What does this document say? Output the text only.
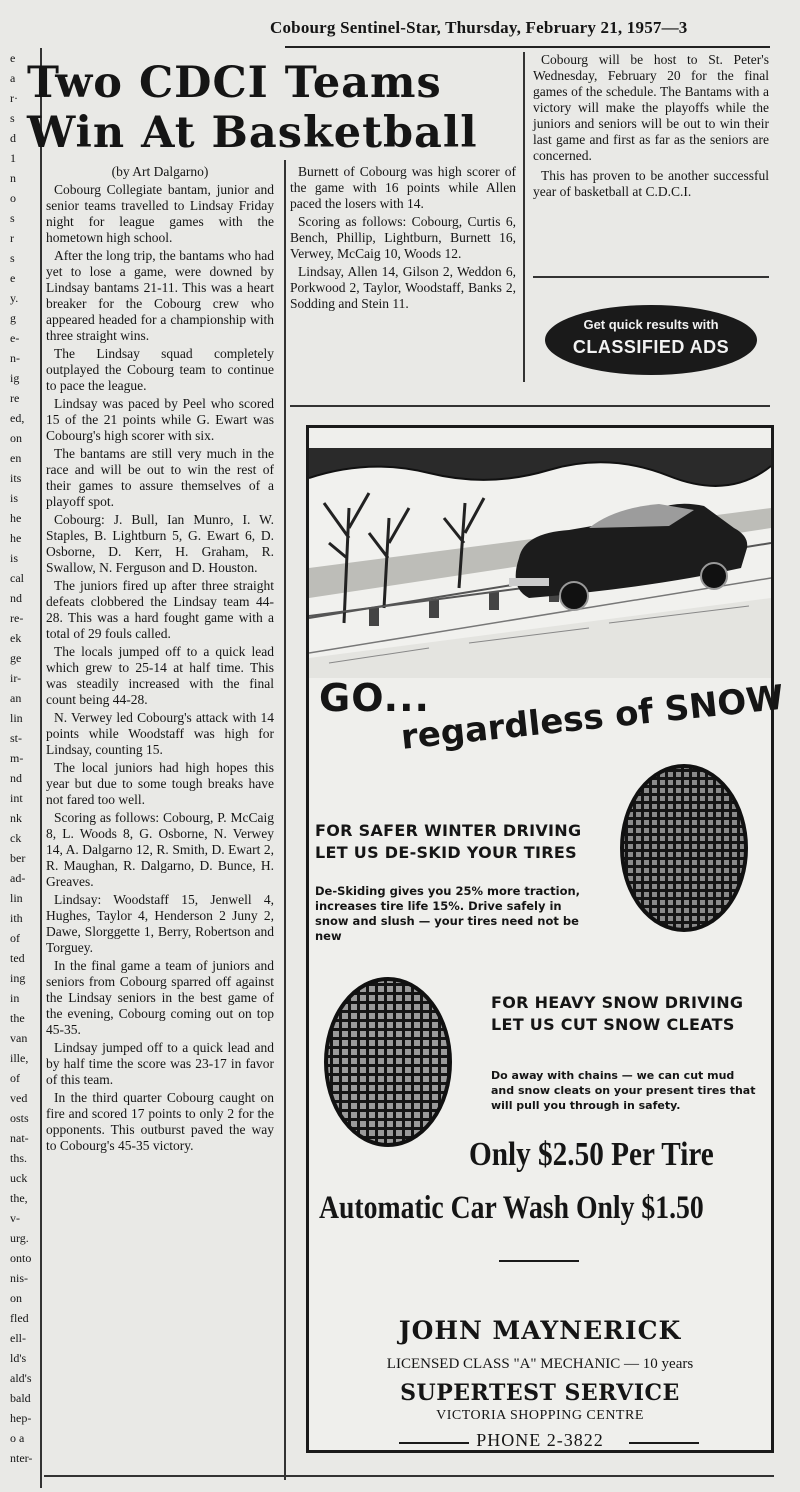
Cobourg Sentinel-Star, Thursday, February 21, 1957—3
e
a
r·
s
d
1
n
o
s
r
s
e
y.
g
e-
n-
ig
re
ed,
on
en
its
is
he
he
is
cal
nd
re-
ek
ge
ir-
an
lin
st-
m-
nd
int
nk
ck
ber
ad-
lin
ith
of
ted
ing
in
the
van
ille,
of
ved
osts
nat-
ths.
uck
the,
v-
urg.
onto
nis-
on
fled
ell-
ld's
ald's
bald
hep-
o a
nter-
Two CDCI Teams
Win At Basketball

(by Art Dalgarno)

Cobourg Collegiate bantam, junior and senior teams travelled to Lindsay Friday night for league games with the hometown high school.

After the long trip, the bantams who had yet to lose a game, were downed by Lindsay bantams 21-11. This was a heart breaker for the Cobourg crew who appeared headed for a championship with three straight wins.

The Lindsay squad completely outplayed the Cobourg team to continue to pace the league.

Lindsay was paced by Peel who scored 15 of the 21 points while G. Ewart was Cobourg's high scorer with six.

The bantams are still very much in the race and will be out to win the rest of their games to assure themselves of a playoff spot.

Cobourg: J. Bull, Ian Munro, I. W. Staples, B. Lightburn 5, G. Ewart 6, D. Osborne, D. Kerr, H. Graham, R. Swallow, N. Ferguson and D. Houston.

The juniors fired up after three straight defeats clobbered the Lindsay team 44-28. This was a hard fought game with a total of 29 fouls called.

The locals jumped off to a quick lead which grew to 25-14 at half time. This was steadily increased with the final count being 44-28.

N. Verwey led Cobourg's attack with 14 points while Woodstaff was high for Lindsay, counting 15.

The local juniors had high hopes this year but due to some tough breaks have not fared too well.

Scoring as follows: Cobourg, P. McCaig 8, L. Woods 8, G. Osborne, N. Verwey 14, A. Dalgarno 12, R. Smith, D. Ewart 2, R. Maughan, R. Dalgarno, D. Bunce, H. Greaves.

Lindsay: Woodstaff 15, Jenwell 4, Hughes, Taylor 4, Henderson 2 Juny 2, Dawe, Slorggette 1, Berry, Robertson and Torguey.

In the final game a team of juniors and seniors from Cobourg sparred off against the Lindsay seniors in the best game of the evening, Cobourg coming out on top 45-35.

Lindsay jumped off to a quick lead and by half time the score was 23-17 in favor of this team.

In the third quarter Cobourg caught on fire and scored 17 points to only 2 for the opponents. This outburst paved the way to Cobourg's 45-35 victory.

Burnett of Cobourg was high scorer of the game with 16 points while Allen paced the losers with 14.

Scoring as follows: Cobourg, Curtis 6, Bench, Phillip, Lightburn, Burnett 16, Verwey, McCaig 10, Woods 12.

Lindsay, Allen 14, Gilson 2, Weddon 6, Porkwood 2, Taylor, Woodstaff, Banks 2, Sodding and Stein 11.

Cobourg will be host to St. Peter's Wednesday, February 20 for the final games of the schedule. The Bantams with a victory will make the playoffs while the juniors and seniors will be out to win their last game and first as far as the seniors are concerned.

This has proven to be another successful year of basketball at C.D.C.I.

Get quick results with
CLASSIFIED ADS
GO...
regardless of SNOW
FOR SAFER WINTER DRIVING
LET US DE-SKID YOUR TIRES
De-Skiding gives you 25% more traction,
increases tire life 15%. Drive safely in
snow and slush — your tires need not be
new
FOR HEAVY SNOW DRIVING
LET US CUT SNOW CLEATS
Do away with chains — we can cut mud
and snow cleats on your present tires that
will pull you through in safety.
Only $2.50 Per Tire
Automatic Car Wash Only $1.50
JOHN MAYNERICK
LICENSED CLASS "A" MECHANIC — 10 years
SUPERTEST SERVICE
VICTORIA SHOPPING CENTRE
PHONE 2-3822
